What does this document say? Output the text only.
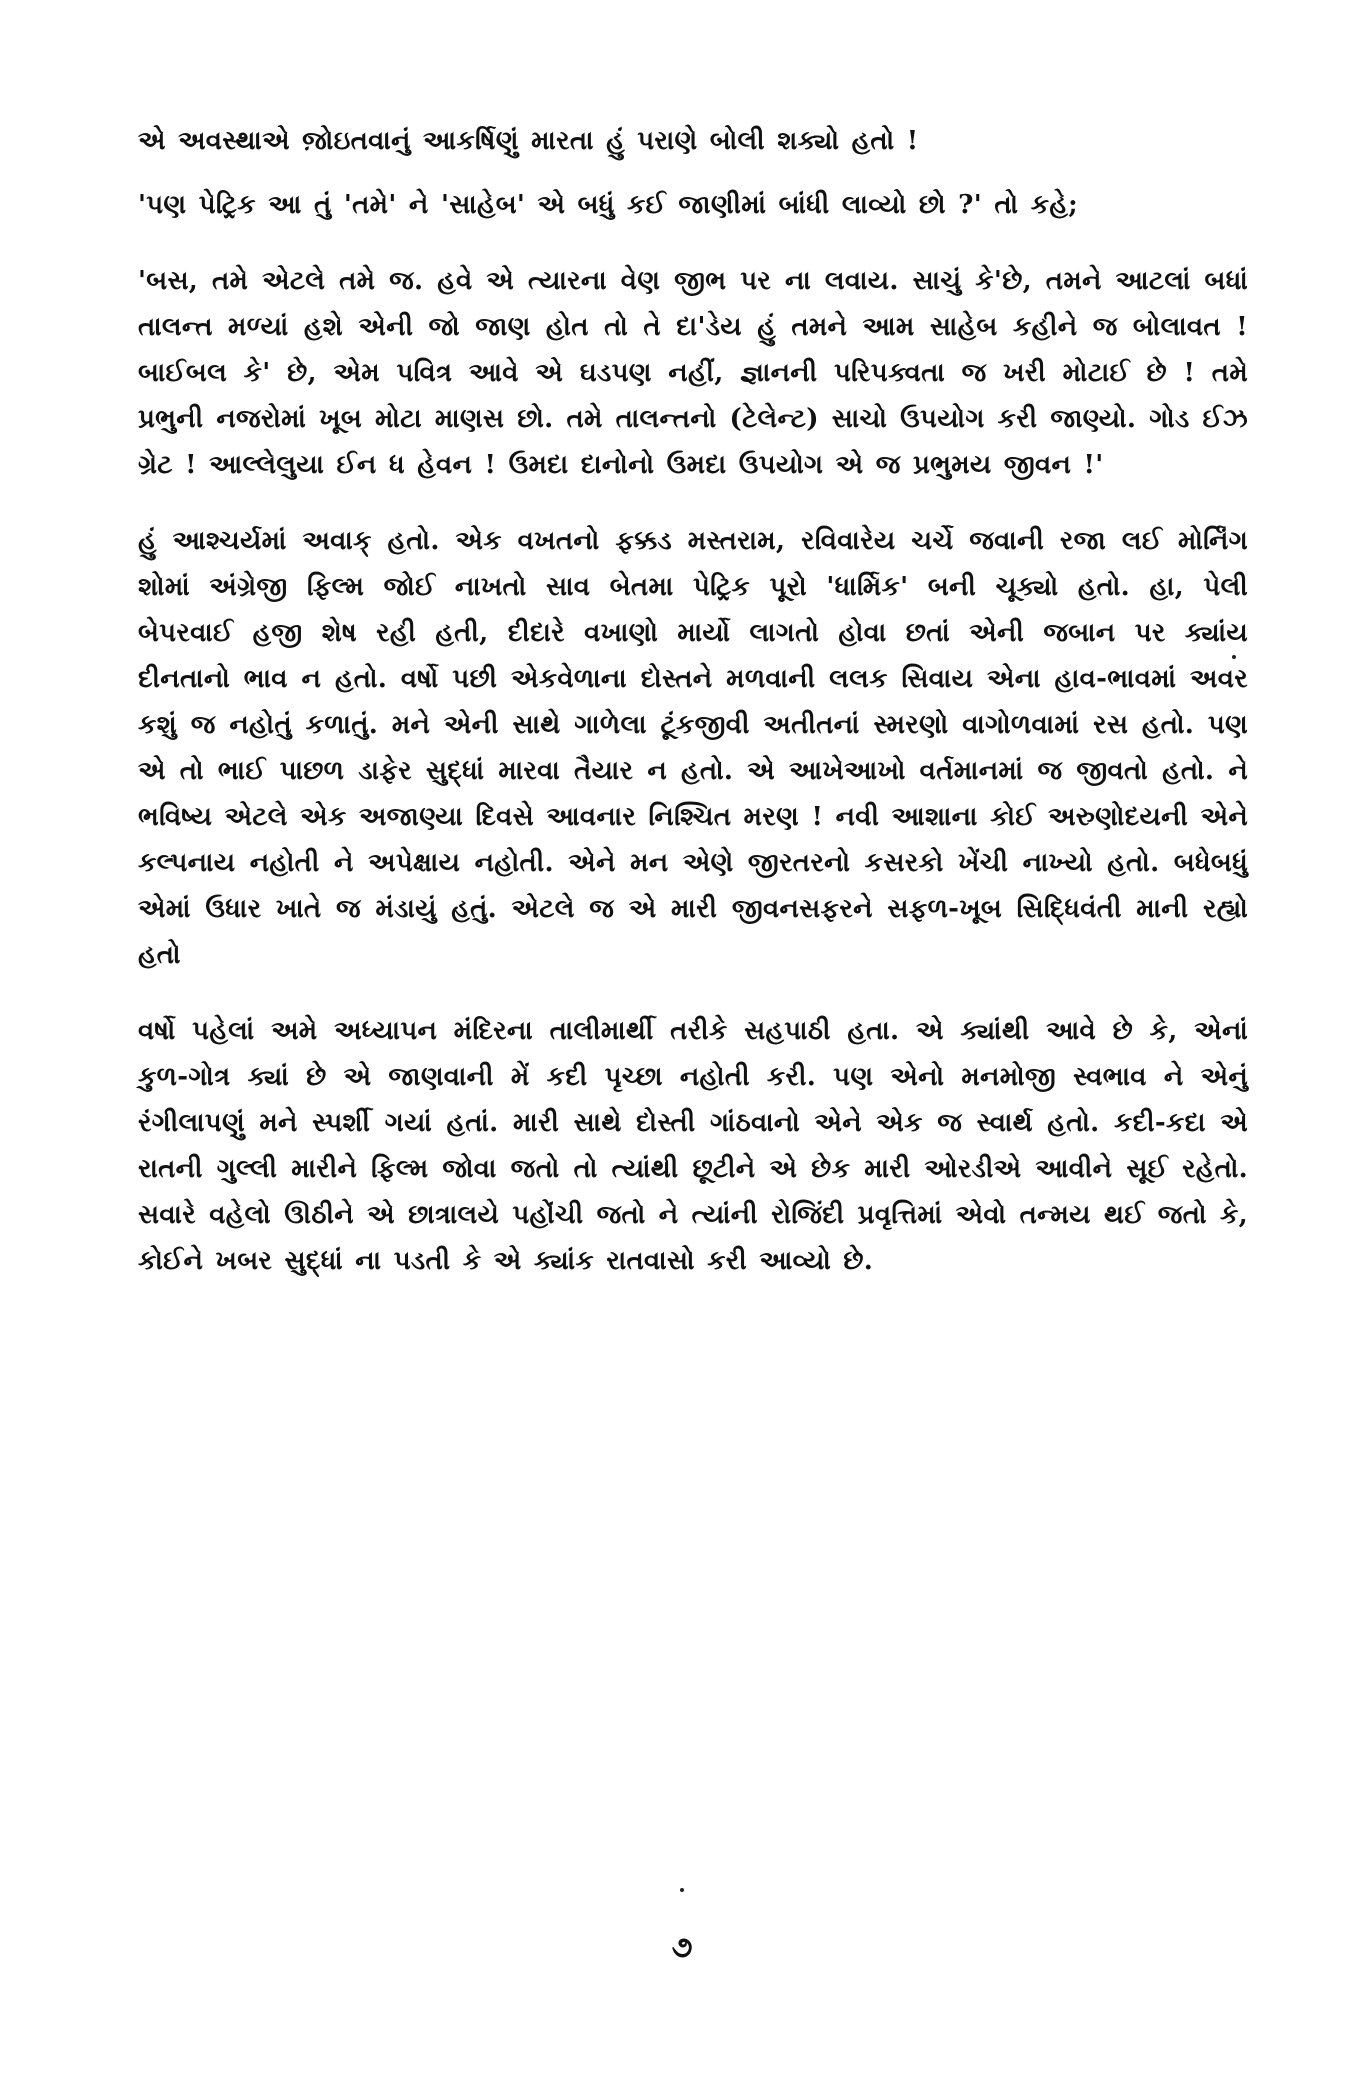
એ અવસ્થાએ જ઼ોઇતવાનું આકર્ષિણું મારતા હું પરાણે બોલી શક્યો હતો !

'પણ પેટ્રિક આ તું 'તમે' ને 'સાહેબ' એ બધું કઈ જાણીમાં બાંધી લાવ્યો છો ?' તો કહે;

'બસ, તમે એટલે તમે જ. હવે એ ત્યારના વેણ જીભ પર ના લવાય. સાચું કે'છે, તમને આટલાં બધાં તાલન્ત મળ્યાં હશે એની જો જાણ હોત તો તે દા'ડેય હું તમને આમ સાહેબ કહીને જ બોલાવત ! બાઈબલ કે' છે, એમ પવિત્ર આવે એ ઘડપણ નહીં, જ્ઞાનની પરિપક્વતા જ ખરી મોટાઈ છે ! તમે પ્રભુની નજરોમાં ખૂબ મોટા માણસ છો. તમે તાલન્તનો (ટેલેન્ટ) સાચો ઉપયોગ કરી જાણ્યો. ગોડ ઈઝ ગ્રેટ ! આલ્લેલુયા ઈન ધ હેવન ! ઉમદા દાનોનો ઉમદા ઉપયોગ એ જ પ્રભુમય જીવન !'

હું આશ્ચર્યમાં અવાક્ હતો. એક વખતનો ફક્કડ મસ્તરામ, રવિવારેય ચર્ચે જવાની રજા લઈ મોર્નિંગ શોમાં અંગ્રેજી ફિલ્મ જોઈ નાખતો સાવ બેતમા પેટ્રિક પૂરો 'ધાર્મિક' બની ચૂક્યો હતો. હા, પેલી બેપરવાઈ હજી શેષ રહી હતી, દીદારે વખાણો માર્યો લાગતો હોવા છતાં એની જબાન પર ક્યાંય દીનતાનો ભાવ ન હતો. વર્ષો પછી એકવેળાના દોસ્તને મળવાની લલક સિવાય એના હાવ-ભાવમાં અવર કશું જ નહોતું કળાતું. મને એની સાથે ગાળેલા ટૂંકજીવી અતીતનાં સ્મરણો વાગોળવામાં રસ હતો. પણ એ તો ભાઈ પાછળ ડાફેર સુદ્ધાં મારવા તૈયાર ન હતો. એ આખેઆખો વર્તમાનમાં જ જીવતો હતો. ને ભવિષ્ય એટલે એક અજાણ્યા દિવસે આવનાર નિશ્ચિત મરણ ! નવી આશાના કોઈ અરુણોદયની એને કલ્પનાય નહોતી ને અપેક્ષાય નહોતી. એને મન એણે જીરતરનો કસરકો ખેંચી નાખ્યો હતો. બધેબધું એમાં ઉધાર ખાતે જ મંડાયું હતું. એટલે જ એ મારી જીવનસફરને સફળ-ખૂબ સિદ્ધિવંતી માની રહ્યો હતો

વર્ષો પહેલાં અમે અધ્યાપન મંદિરના તાલીમાર્થી તરીકે સહપાઠી હતા. એ ક્યાંથી આવે છે કે, એનાં કુળ-ગોત્ર ક્યાં છે એ જાણવાની મેં કદી પૃચ્છા નહોતી કરી. પણ એનો મનમોજી સ્વભાવ ને એનું રંગીલાપણું મને સ્પર્શી ગયાં હતાં. મારી સાથે દોસ્તી ગાંઠવાનો એને એક જ સ્વાર્થ હતો. કદી-કદા એ રાતની ગુલ્લી મારીને ફિલ્મ જોવા જતો તો ત્યાંથી છૂટીને એ છેક મારી ઓરડીએ આવીને સૂઈ રહેતો. સવારે વહેલો ઊઠીને એ છાત્રાલયે પહોંચી જતો ને ત્યાંની રોજિંદી પ્રવૃત્તિમાં એવો તન્મય થઈ જતો કે, કોઈને ખબર સુદ્ધાં ના પડતી કે એ ક્યાંક રાતવાસો કરી આવ્યો છે.

૭
